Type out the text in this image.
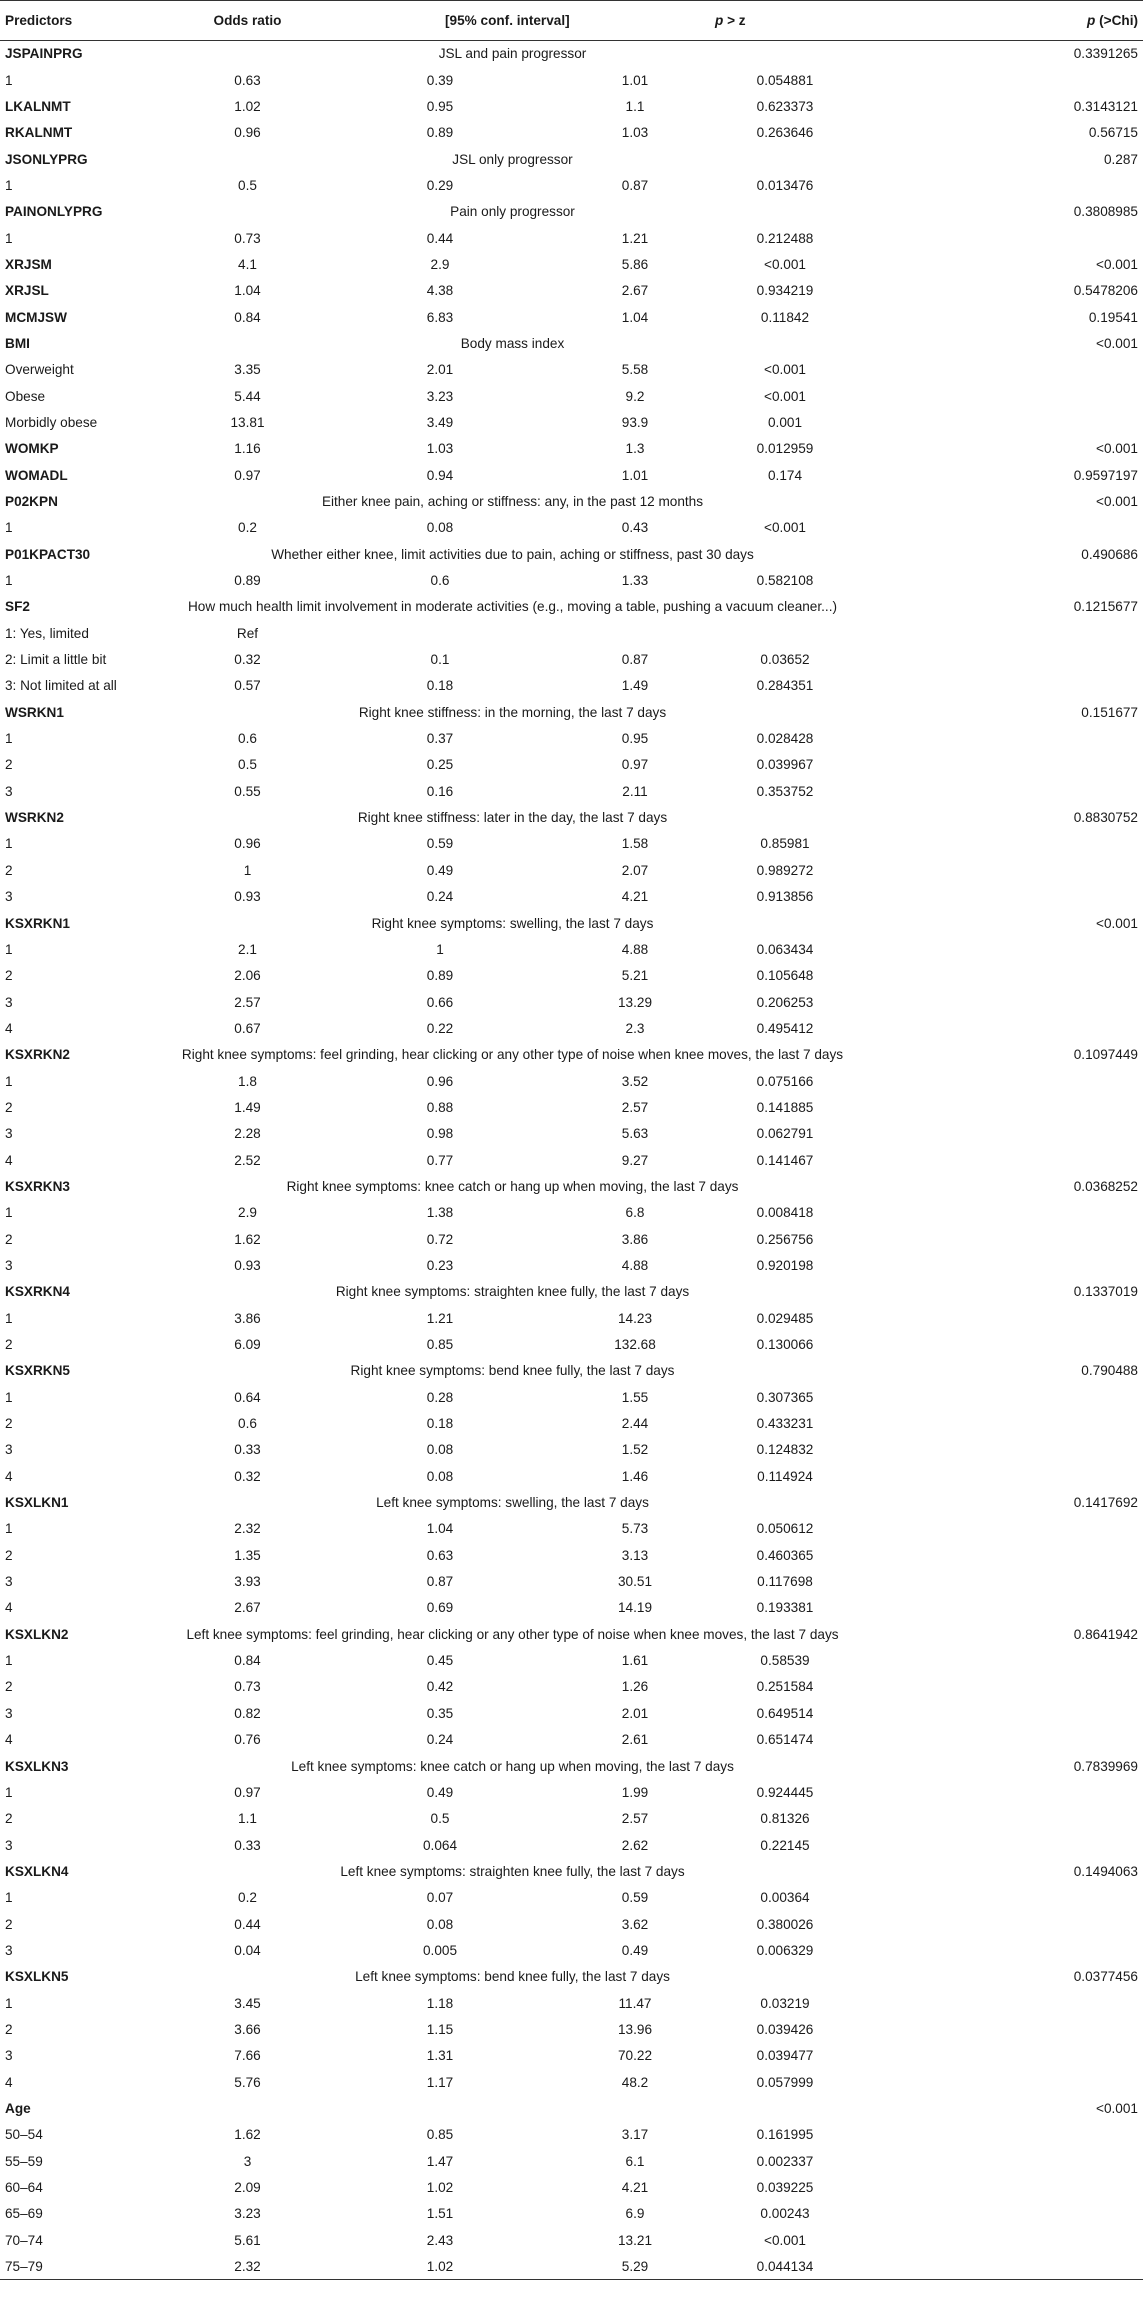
Predictors	Odds ratio	[95% conf. interval]		p > z	p (>Chi)
JSPAINPRG	JSL and pain progressor				0.3391265
1	0.63	0.39	1.01	0.054881	
LKALNMT	1.02	0.95	1.1	0.623373	0.3143121
RKALNMT	0.96	0.89	1.03	0.263646	0.56715
JSONLYPRG	JSL only progressor				0.287
1	0.5	0.29	0.87	0.013476	
PAINONLYPRG	Pain only progressor				0.3808985
1	0.73	0.44	1.21	0.212488	
XRJSM	4.1	2.9	5.86	<0.001	<0.001
XRJSL	1.04	4.38	2.67	0.934219	0.5478206
MCMJSW	0.84	6.83	1.04	0.11842	0.19541
BMI	Body mass index				<0.001
Overweight	3.35	2.01	5.58	<0.001	
Obese	5.44	3.23	9.2	<0.001	
Morbidly obese	13.81	3.49	93.9	0.001	
WOMKP	1.16	1.03	1.3	0.012959	<0.001
WOMADL	0.97	0.94	1.01	0.174	0.9597197
P02KPN	Either knee pain, aching or stiffness: any, in the past 12 months				<0.001
1	0.2	0.08	0.43	<0.001	
P01KPACT30	Whether either knee, limit activities due to pain, aching or stiffness, past 30 days				0.490686
1	0.89	0.6	1.33	0.582108	
SF2	How much health limit involvement in moderate activities (e.g., moving a table, pushing a vacuum cleaner...)				0.1215677
1: Yes, limited	Ref				
2: Limit a little bit	0.32	0.1	0.87	0.03652	
3: Not limited at all	0.57	0.18	1.49	0.284351	
WSRKN1	Right knee stiffness: in the morning, the last 7 days				0.151677
1	0.6	0.37	0.95	0.028428	
2	0.5	0.25	0.97	0.039967	
3	0.55	0.16	2.11	0.353752	
WSRKN2	Right knee stiffness: later in the day, the last 7 days				0.8830752
1	0.96	0.59	1.58	0.85981	
2	1	0.49	2.07	0.989272	
3	0.93	0.24	4.21	0.913856	
KSXRKN1	Right knee symptoms: swelling, the last 7 days				<0.001
1	2.1	1	4.88	0.063434	
2	2.06	0.89	5.21	0.105648	
3	2.57	0.66	13.29	0.206253	
4	0.67	0.22	2.3	0.495412	
KSXRKN2	Right knee symptoms: feel grinding, hear clicking or any other type of noise when knee moves, the last 7 days				0.1097449
1	1.8	0.96	3.52	0.075166	
2	1.49	0.88	2.57	0.141885	
3	2.28	0.98	5.63	0.062791	
4	2.52	0.77	9.27	0.141467	
KSXRKN3	Right knee symptoms: knee catch or hang up when moving, the last 7 days				0.0368252
1	2.9	1.38	6.8	0.008418	
2	1.62	0.72	3.86	0.256756	
3	0.93	0.23	4.88	0.920198	
KSXRKN4	Right knee symptoms: straighten knee fully, the last 7 days				0.1337019
1	3.86	1.21	14.23	0.029485	
2	6.09	0.85	132.68	0.130066	
KSXRKN5	Right knee symptoms: bend knee fully, the last 7 days				0.790488
1	0.64	0.28	1.55	0.307365	
2	0.6	0.18	2.44	0.433231	
3	0.33	0.08	1.52	0.124832	
4	0.32	0.08	1.46	0.114924	
KSXLKN1	Left knee symptoms: swelling, the last 7 days				0.1417692
1	2.32	1.04	5.73	0.050612	
2	1.35	0.63	3.13	0.460365	
3	3.93	0.87	30.51	0.117698	
4	2.67	0.69	14.19	0.193381	
KSXLKN2	Left knee symptoms: feel grinding, hear clicking or any other type of noise when knee moves, the last 7 days				0.8641942
1	0.84	0.45	1.61	0.58539	
2	0.73	0.42	1.26	0.251584	
3	0.82	0.35	2.01	0.649514	
4	0.76	0.24	2.61	0.651474	
KSXLKN3	Left knee symptoms: knee catch or hang up when moving, the last 7 days				0.7839969
1	0.97	0.49	1.99	0.924445	
2	1.1	0.5	2.57	0.81326	
3	0.33	0.064	2.62	0.22145	
KSXLKN4	Left knee symptoms: straighten knee fully, the last 7 days				0.1494063
1	0.2	0.07	0.59	0.00364	
2	0.44	0.08	3.62	0.380026	
3	0.04	0.005	0.49	0.006329	
KSXLKN5	Left knee symptoms: bend knee fully, the last 7 days				0.0377456
1	3.45	1.18	11.47	0.03219	
2	3.66	1.15	13.96	0.039426	
3	7.66	1.31	70.22	0.039477	
4	5.76	1.17	48.2	0.057999	
Age					<0.001
50–54	1.62	0.85	3.17	0.161995	
55–59	3	1.47	6.1	0.002337	
60–64	2.09	1.02	4.21	0.039225	
65–69	3.23	1.51	6.9	0.00243	
70–74	5.61	2.43	13.21	<0.001	
75–79	2.32	1.02	5.29	0.044134	
